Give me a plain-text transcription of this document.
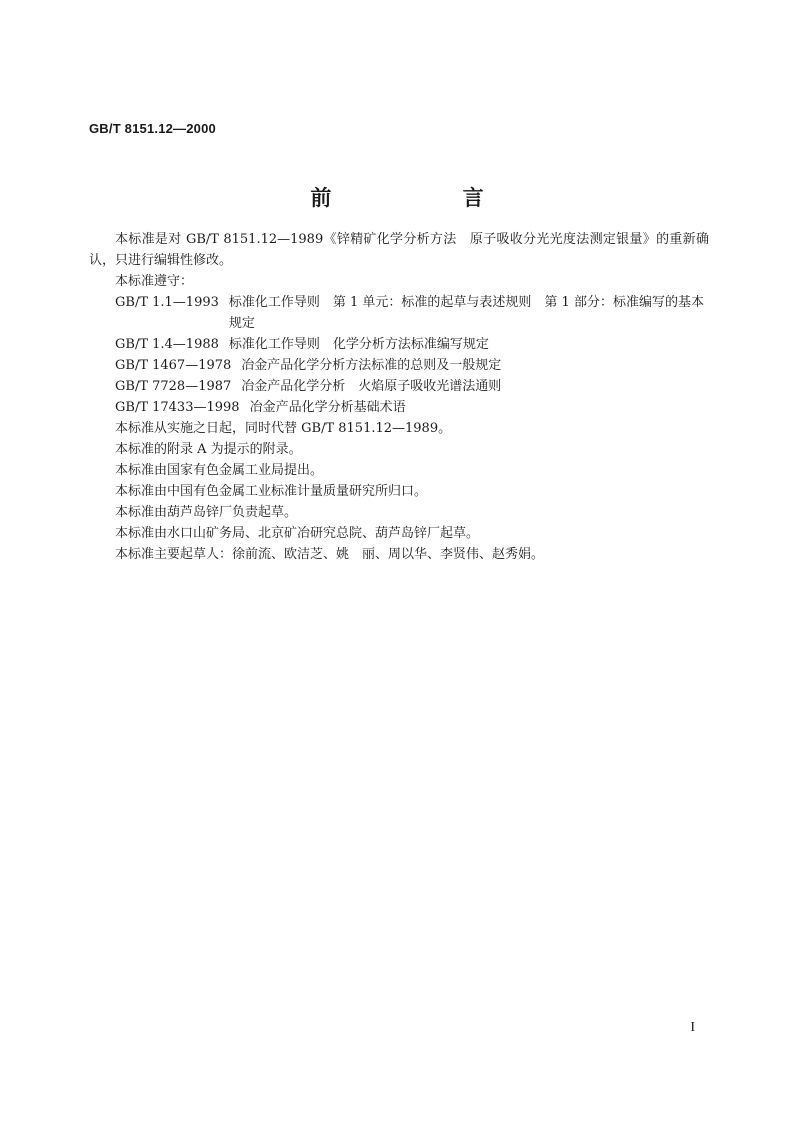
GB/T 8151.12—2000
前 言

本标准是对 GB/T 8151.12—1989《锌精矿化学分析方法　原子吸收分光光度法测定银量》的重新确认，只进行编辑性修改。

本标准遵守：

GB/T 1.1—1993 标准化工作导则　第 1 单元：标准的起草与表述规则　第 1 部分：标准编写的基本规定
GB/T 1.4—1988 标准化工作导则　化学分析方法标准编写规定
GB/T 1467—1978 冶金产品化学分析方法标准的总则及一般规定
GB/T 7728—1987 冶金产品化学分析　火焰原子吸收光谱法通则
GB/T 17433—1998 冶金产品化学分析基础术语

本标准从实施之日起，同时代替 GB/T 8151.12—1989。

本标准的附录 A 为提示的附录。

本标准由国家有色金属工业局提出。

本标准由中国有色金属工业标准计量质量研究所归口。

本标准由葫芦岛锌厂负责起草。

本标准由水口山矿务局、北京矿冶研究总院、葫芦岛锌厂起草。

本标准主要起草人：徐前流、欧洁芝、姚　丽、周以华、李贤伟、赵秀娟。

I
